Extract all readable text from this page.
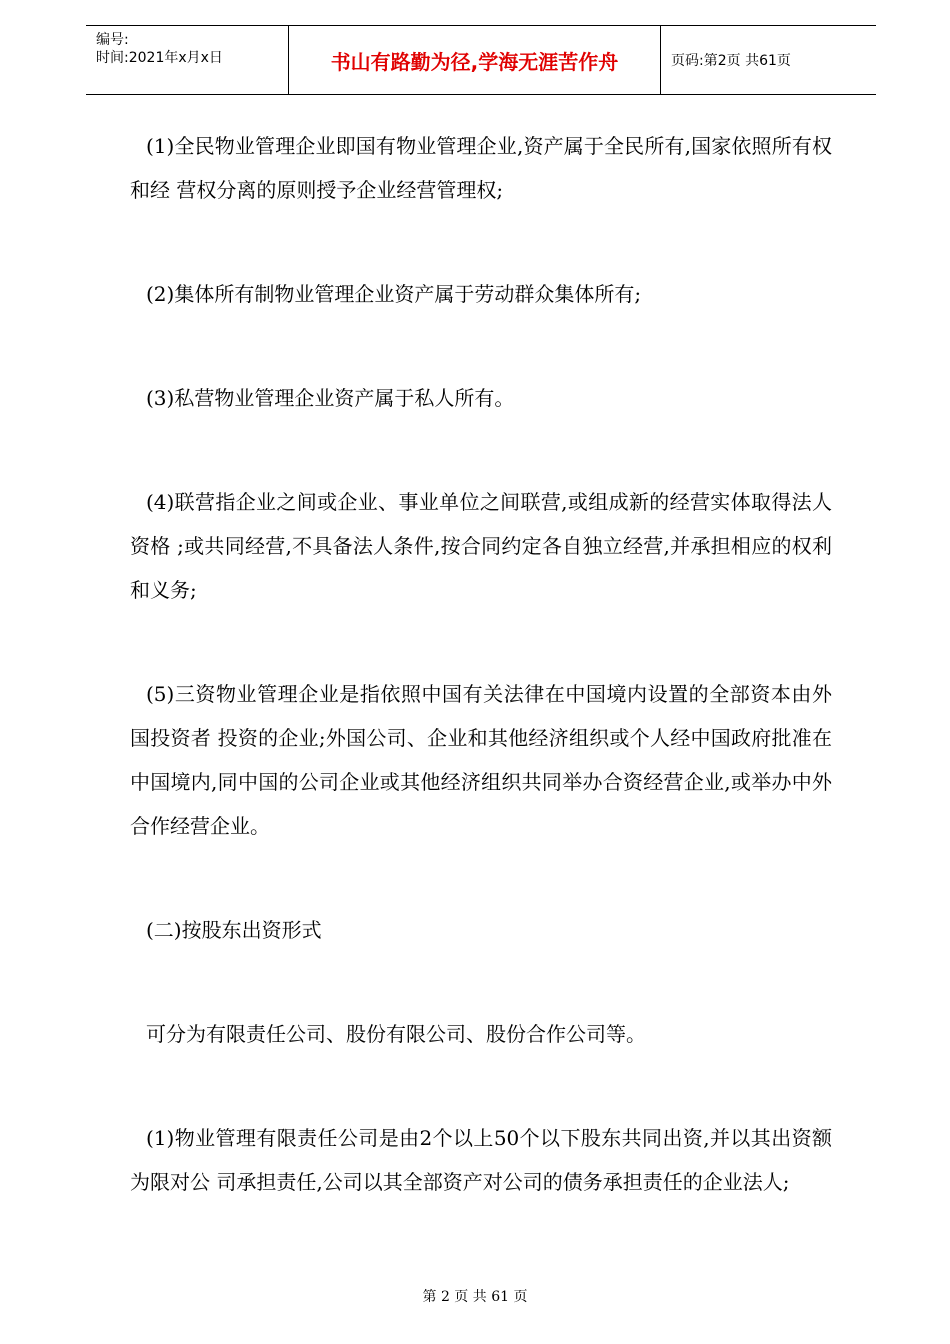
编号:
时间:2021年x月x日	书山有路勤为径,学海无涯苦作舟	页码:第2页 共61页

(1)全民物业管理企业即国有物业管理企业,资产属于全民所有,国家依照所有权和经 营权分离的原则授予企业经营管理权;

(2)集体所有制物业管理企业资产属于劳动群众集体所有;

(3)私营物业管理企业资产属于私人所有。

(4)联营指企业之间或企业、事业单位之间联营,或组成新的经营实体取得法人资格 ;或共同经营,不具备法人条件,按合同约定各自独立经营,并承担相应的权利和义务;

(5)三资物业管理企业是指依照中国有关法律在中国境内设置的全部资本由外国投资者 投资的企业;外国公司、企业和其他经济组织或个人经中国政府批准在中国境内,同中国的公司企业或其他经济组织共同举办合资经营企业,或举办中外合作经营企业。

(二)按股东出资形式

可分为有限责任公司、股份有限公司、股份合作公司等。

(1)物业管理有限责任公司是由2个以上50个以下股东共同出资,并以其出资额为限对公 司承担责任,公司以其全部资产对公司的债务承担责任的企业法人;

第 2 页 共 61 页
